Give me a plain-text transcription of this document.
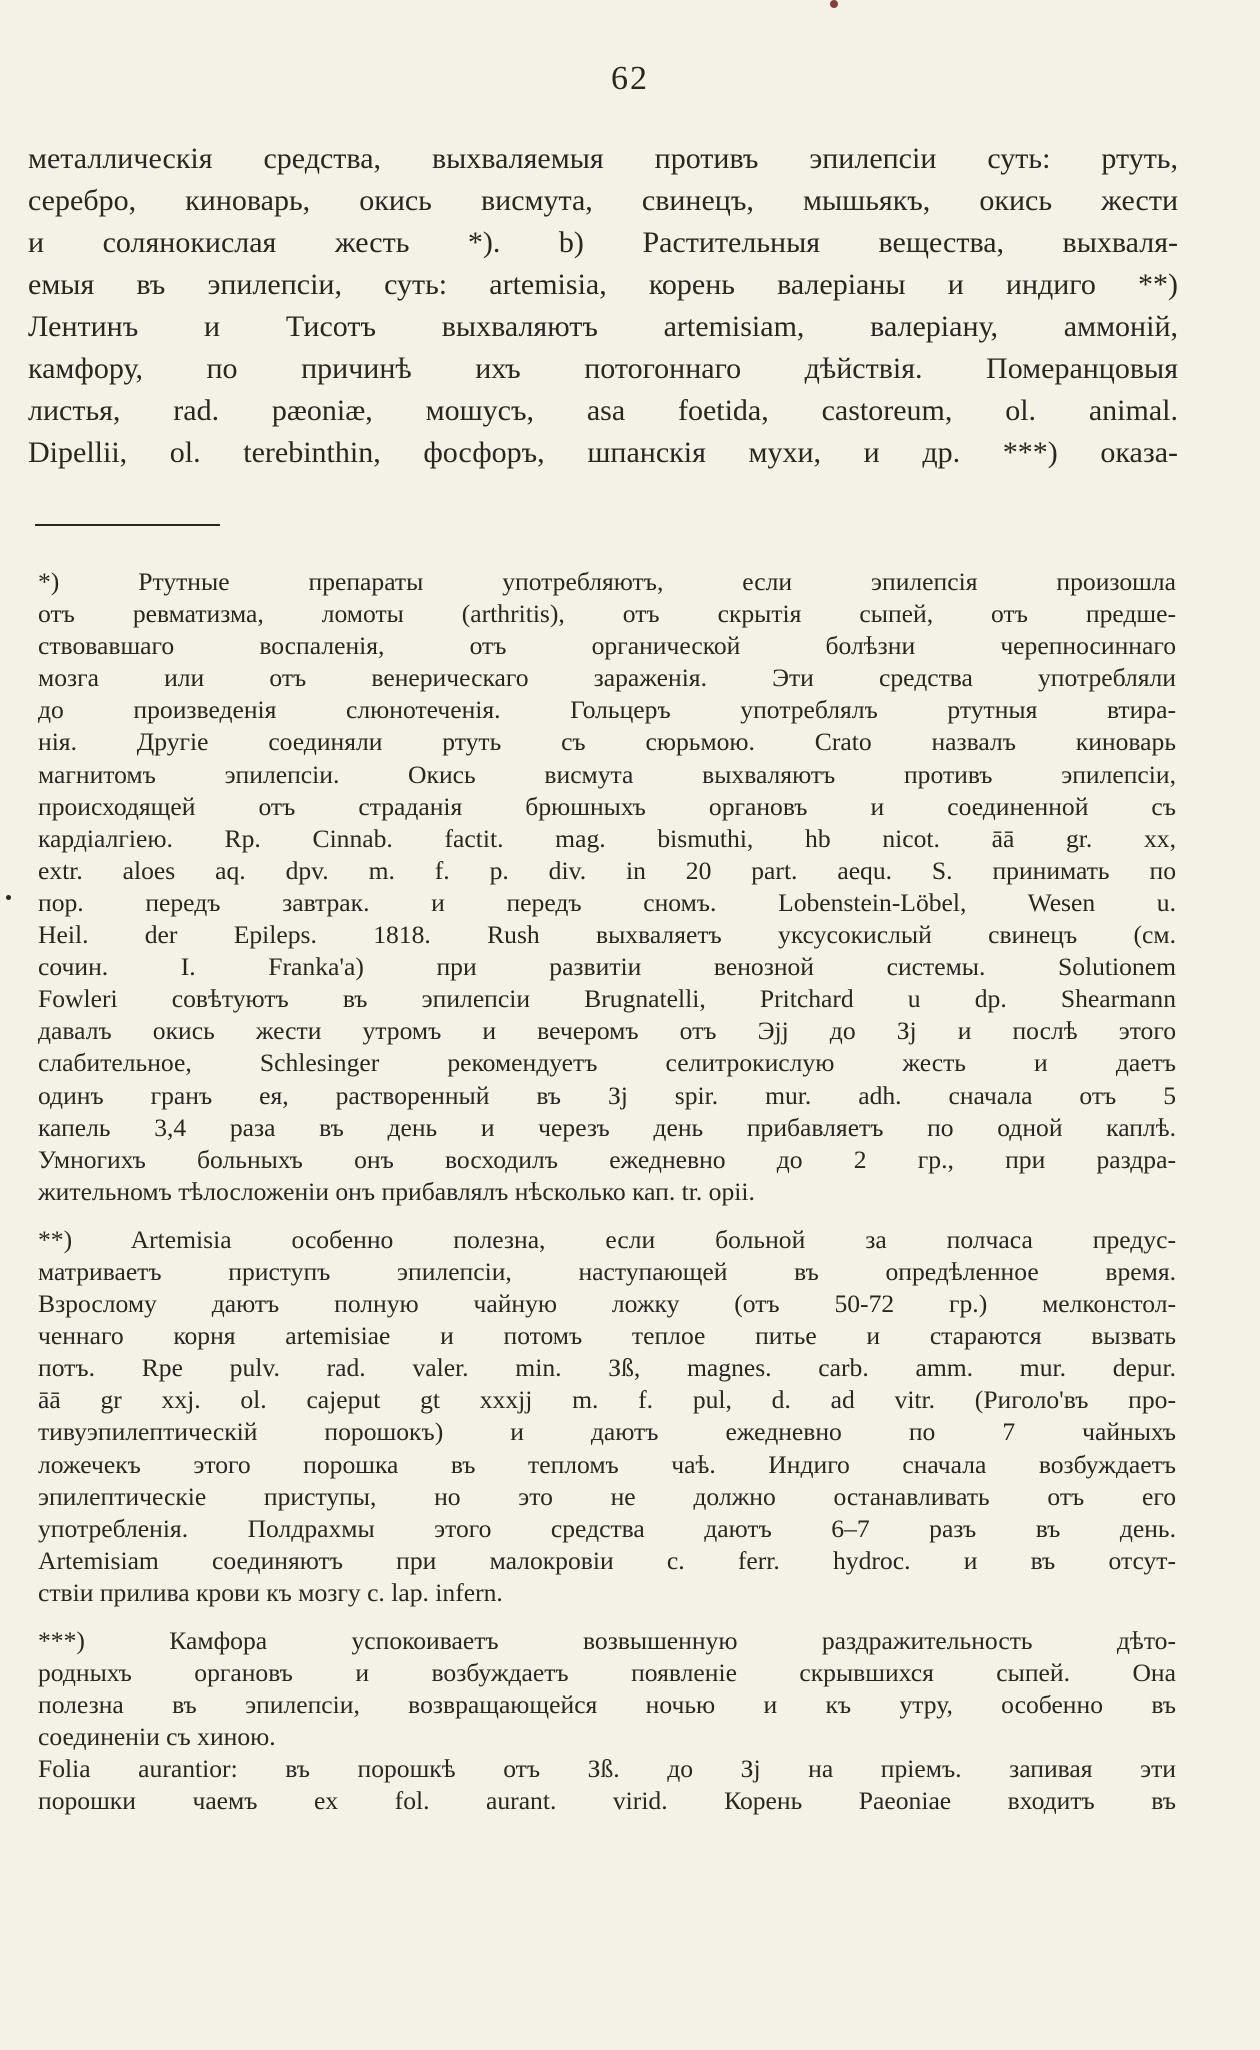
62
металлическія средства, выхваляемыя противъ эпилепсіи суть: ртуть,
серебро, киноварь, окись висмута, свинецъ, мышьякъ, окись жести
и солянокислая жесть *). b) Растительныя вещества, выхваля-
емыя въ эпилепсіи, суть: artemisia, корень валеріаны и индиго **)
Лентинъ и Тисотъ выхваляютъ artemisiam, валеріану, аммоній,
камфору, по причинѣ ихъ потогоннаго дѣйствія. Померанцовыя
листья, rad. pæoniæ, мошусъ, asa foetida, castoreum, ol. animal.
Dipellii, ol. terebinthin, фосфоръ, шпанскія мухи, и др. ***) оказа-
*) Ртутные препараты употребляютъ, если эпилепсія произошла
отъ ревматизма, ломоты (arthritis), отъ скрытія сыпей, отъ предше-
ствовавшаго воспаленія, отъ органической болѣзни черепносиннаго
мозга или отъ венерическаго зараженія. Эти средства употребляли
до произведенія слюнотеченія. Гольцеръ употреблялъ ртутныя втира-
нія. Другіе соединяли ртуть съ сюрьмою. Crato назвалъ киноварь
магнитомъ эпилепсіи. Окись висмута выхваляютъ противъ эпилепсіи,
происходящей отъ страданія брюшныхъ органовъ и соединенной съ
кардіалгіею. Rp. Cinnab. factit. mag. bismuthi, hb nicot. āā gr. xx,
extr. aloes aq. dpv. m. f. p. div. in 20 part. aequ. S. принимать по
пор. передъ завтрак. и передъ сномъ. Lobenstein-Löbel, Wesen u.
Heil. der Epileps. 1818. Rush выхваляетъ уксусокислый свинецъ (см.
сочин. I. Franka'a) при развитіи венозной системы. Solutionem
Fowleri совѣтуютъ въ эпилепсіи Brugnatelli, Pritchard u dp. Shearmann
давалъ окись жести утромъ и вечеромъ отъ Эjj до Зj и послѣ этого
слабительное, Schlesinger рекомендуетъ селитрокислую жесть и даетъ
одинъ гранъ ея, растворенный въ Зj spir. mur. adh. сначала отъ 5
капель 3,4 раза въ день и черезъ день прибавляетъ по одной каплѣ.
Умногихъ больныхъ онъ восходилъ ежедневно до 2 гр., при раздра-
жительномъ тѣлосложеніи онъ прибавлялъ нѣсколько кап. tr. opii.
**) Artemisia особенно полезна, если больной за полчаса предус-
матриваетъ приступъ эпилепсіи, наступающей въ опредѣленное время.
Взрослому даютъ полную чайную ложку (отъ 50-72 гр.) мелконстол-
ченнаго корня artemisiae и потомъ теплое питье и стараются вызвать
потъ. Rpe pulv. rad. valer. min. Зß, magnes. carb. amm. mur. depur.
āā gr xxj. ol. cajeput gt xxxjj m. f. pul, d. ad vitr. (Риголо'въ про-
тивуэпилептическій порошокъ) и даютъ ежедневно по 7 чайныхъ
ложечекъ этого порошка въ тепломъ чаѣ. Индиго сначала возбуждаетъ
эпилептическіе приступы, но это не должно останавливать отъ его
употребленія. Полдрахмы этого средства даютъ 6–7 разъ въ день.
Artemisiam соединяютъ при малокровіи c. ferr. hydroc. и въ отсут-
ствіи прилива крови къ мозгу c. lap. infern.
***) Камфора успокоиваетъ возвышенную раздражительность дѣто-
родныхъ органовъ и возбуждаетъ появленіе скрывшихся сыпей. Она
полезна въ эпилепсіи, возвращающейся ночью и къ утру, особенно въ
соединеніи съ хиною.
Folia aurantior: въ порошкѣ отъ Зß. до Зj на пріемъ. запивая эти
порошки чаемъ ex fol. aurant. virid. Корень Paeoniae входитъ въ
